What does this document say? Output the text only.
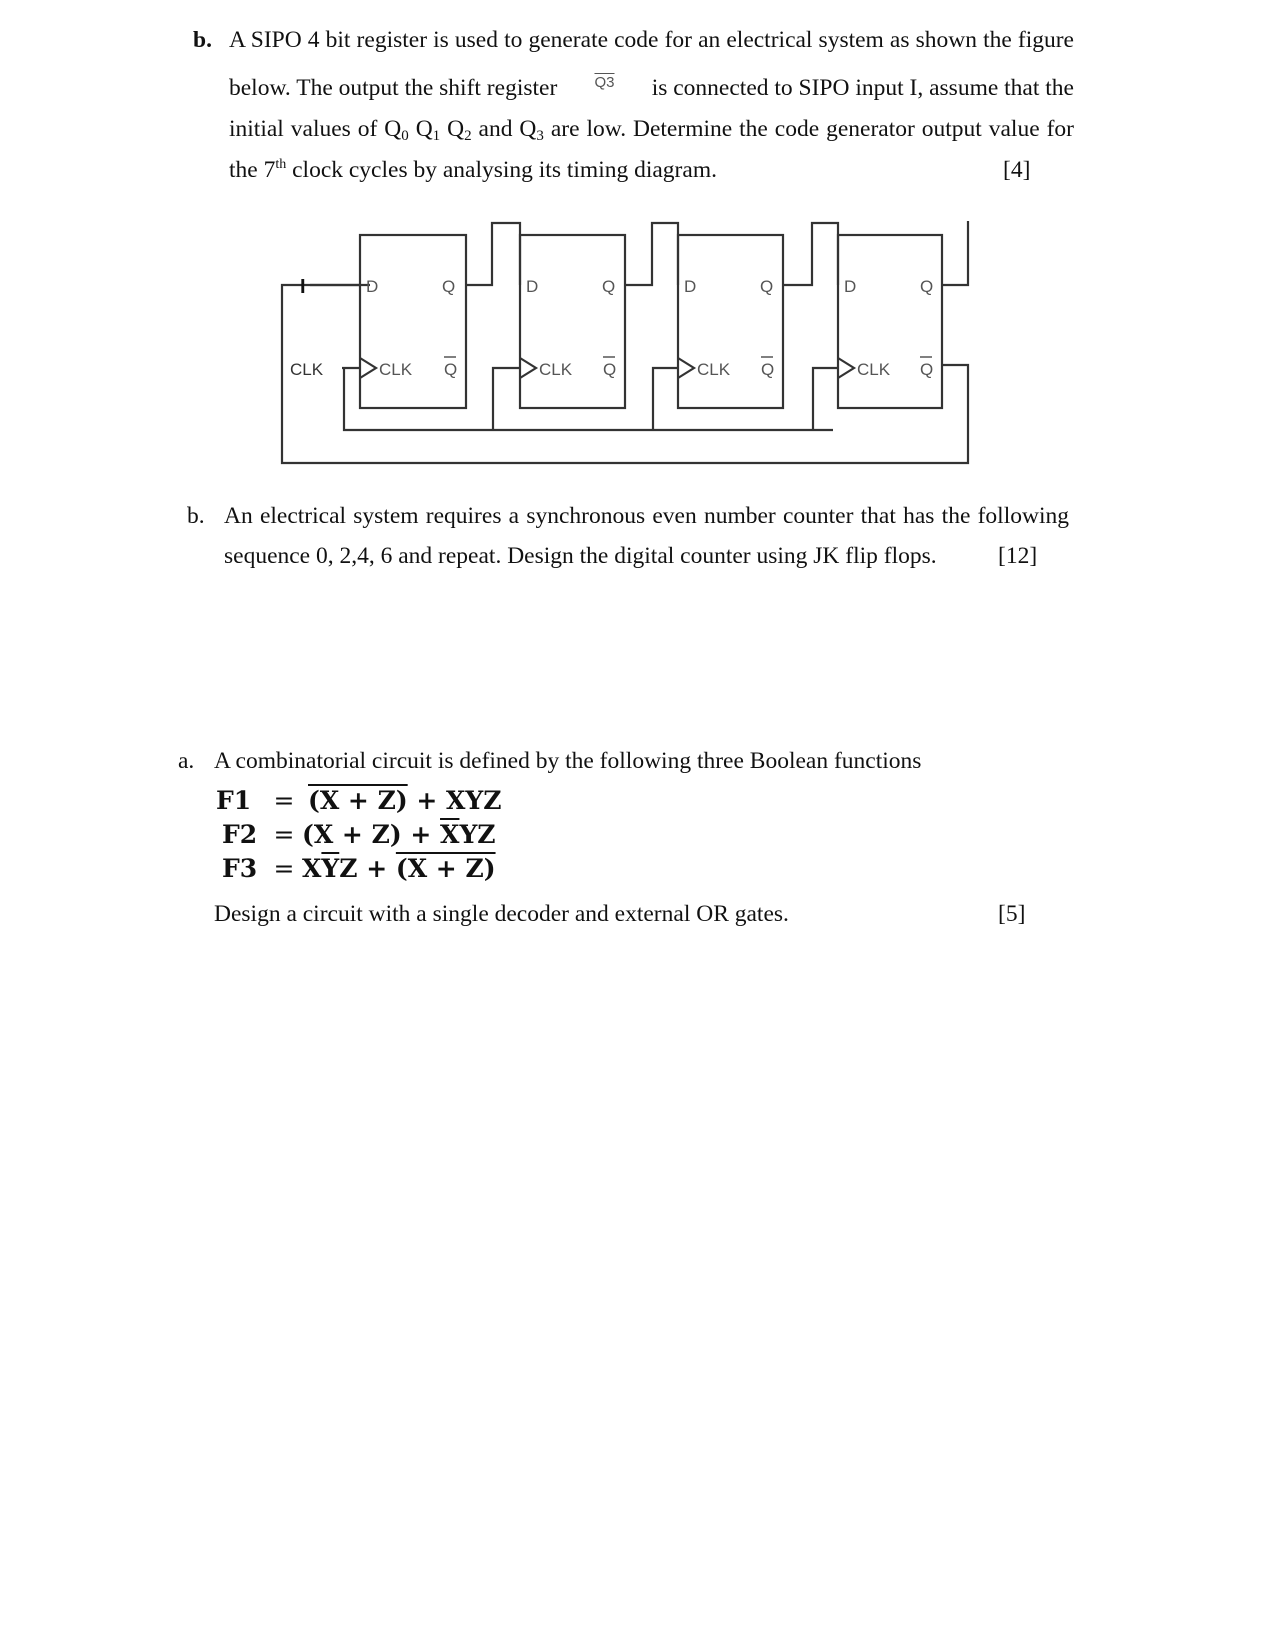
b. A SIPO 4 bit register is used to generate code for an electrical system as shown the figure
below. The output the shift register Q3 is connected to SIPO input I, assume that the
initial values of $Q_0$ $Q_1$ $Q_2$ and $Q_3$ are low. Determine the code generator output value for
the 7th clock cycles by analysing its timing diagram.	[4]
I
CLK
D	Q
CLK Q
D	Q
CLK Q
D	Q
CLK Q
D	Q
CLK Q
b. An electrical system requires a synchronous even number counter that has the following
sequence 0, 2,4, 6 and repeat. Design the digital counter using JK flip flops.	[12]
a. A combinatorial circuit is defined by the following three Boolean functions
F1 = (X + Z) + XYZ
$F2 = (X + Z) + \overline{X}YZ$
$F3 = X\overline{Y}Z + (X + Z)$
Design a circuit with a single decoder and external OR gates.	[5]
